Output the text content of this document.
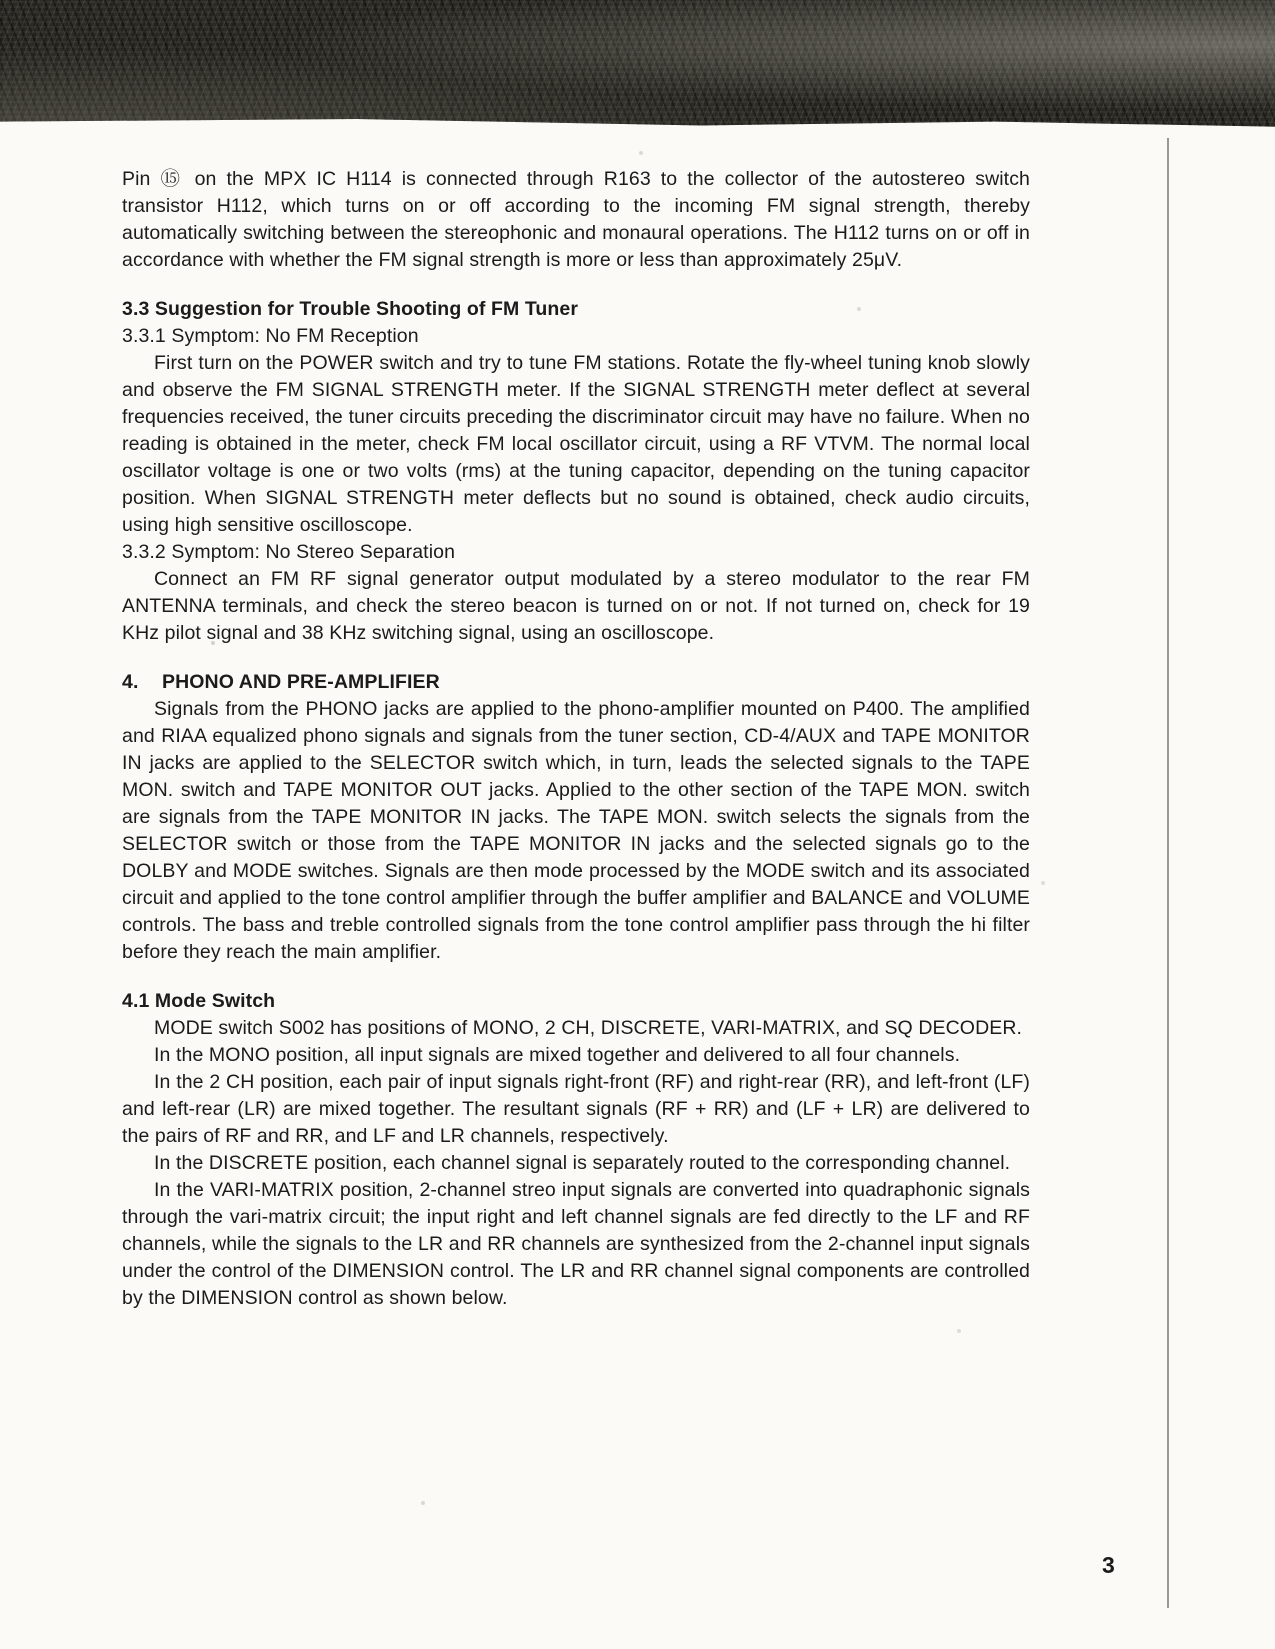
Pin ⑮ on the MPX IC H114 is connected through R163 to the collector of the autostereo switch transistor H112, which turns on or off according to the incoming FM signal strength, thereby automatically switching between the stereophonic and monaural operations. The H112 turns on or off in accordance with whether the FM signal strength is more or less than approximately 25μV.

3.3 Suggestion for Trouble Shooting of FM Tuner
3.3.1 Symptom: No FM Reception

First turn on the POWER switch and try to tune FM stations. Rotate the fly-wheel tuning knob slowly and observe the FM SIGNAL STRENGTH meter. If the SIGNAL STRENGTH meter deflect at several frequencies received, the tuner circuits preceding the discriminator circuit may have no failure. When no reading is obtained in the meter, check FM local oscillator circuit, using a RF VTVM. The normal local oscillator voltage is one or two volts (rms) at the tuning capacitor, depending on the tuning capacitor position. When SIGNAL STRENGTH meter deflects but no sound is obtained, check audio circuits, using high sensitive oscilloscope.

3.3.2 Symptom: No Stereo Separation

Connect an FM RF signal generator output modulated by a stereo modulator to the rear FM ANTENNA terminals, and check the stereo beacon is turned on or not. If not turned on, check for 19 KHz pilot signal and 38 KHz switching signal, using an oscilloscope.

4. PHONO AND PRE-AMPLIFIER

Signals from the PHONO jacks are applied to the phono-amplifier mounted on P400. The amplified and RIAA equalized phono signals and signals from the tuner section, CD-4/AUX and TAPE MONITOR IN jacks are applied to the SELECTOR switch which, in turn, leads the selected signals to the TAPE MON. switch and TAPE MONITOR OUT jacks. Applied to the other section of the TAPE MON. switch are signals from the TAPE MONITOR IN jacks. The TAPE MON. switch selects the signals from the SELECTOR switch or those from the TAPE MONITOR IN jacks and the selected signals go to the DOLBY and MODE switches. Signals are then mode processed by the MODE switch and its associated circuit and applied to the tone control amplifier through the buffer amplifier and BALANCE and VOLUME controls. The bass and treble controlled signals from the tone control amplifier pass through the hi filter before they reach the main amplifier.

4.1 Mode Switch

MODE switch S002 has positions of MONO, 2 CH, DISCRETE, VARI-MATRIX, and SQ DECODER.

In the MONO position, all input signals are mixed together and delivered to all four channels.

In the 2 CH position, each pair of input signals right-front (RF) and right-rear (RR), and left-front (LF) and left-rear (LR) are mixed together. The resultant signals (RF + RR) and (LF + LR) are delivered to the pairs of RF and RR, and LF and LR channels, respectively.

In the DISCRETE position, each channel signal is separately routed to the corresponding channel.

In the VARI-MATRIX position, 2-channel streo input signals are converted into quadraphonic signals through the vari-matrix circuit; the input right and left channel signals are fed directly to the LF and RF channels, while the signals to the LR and RR channels are synthesized from the 2-channel input signals under the control of the DIMENSION control. The LR and RR channel signal components are controlled by the DIMENSION control as shown below.

3
